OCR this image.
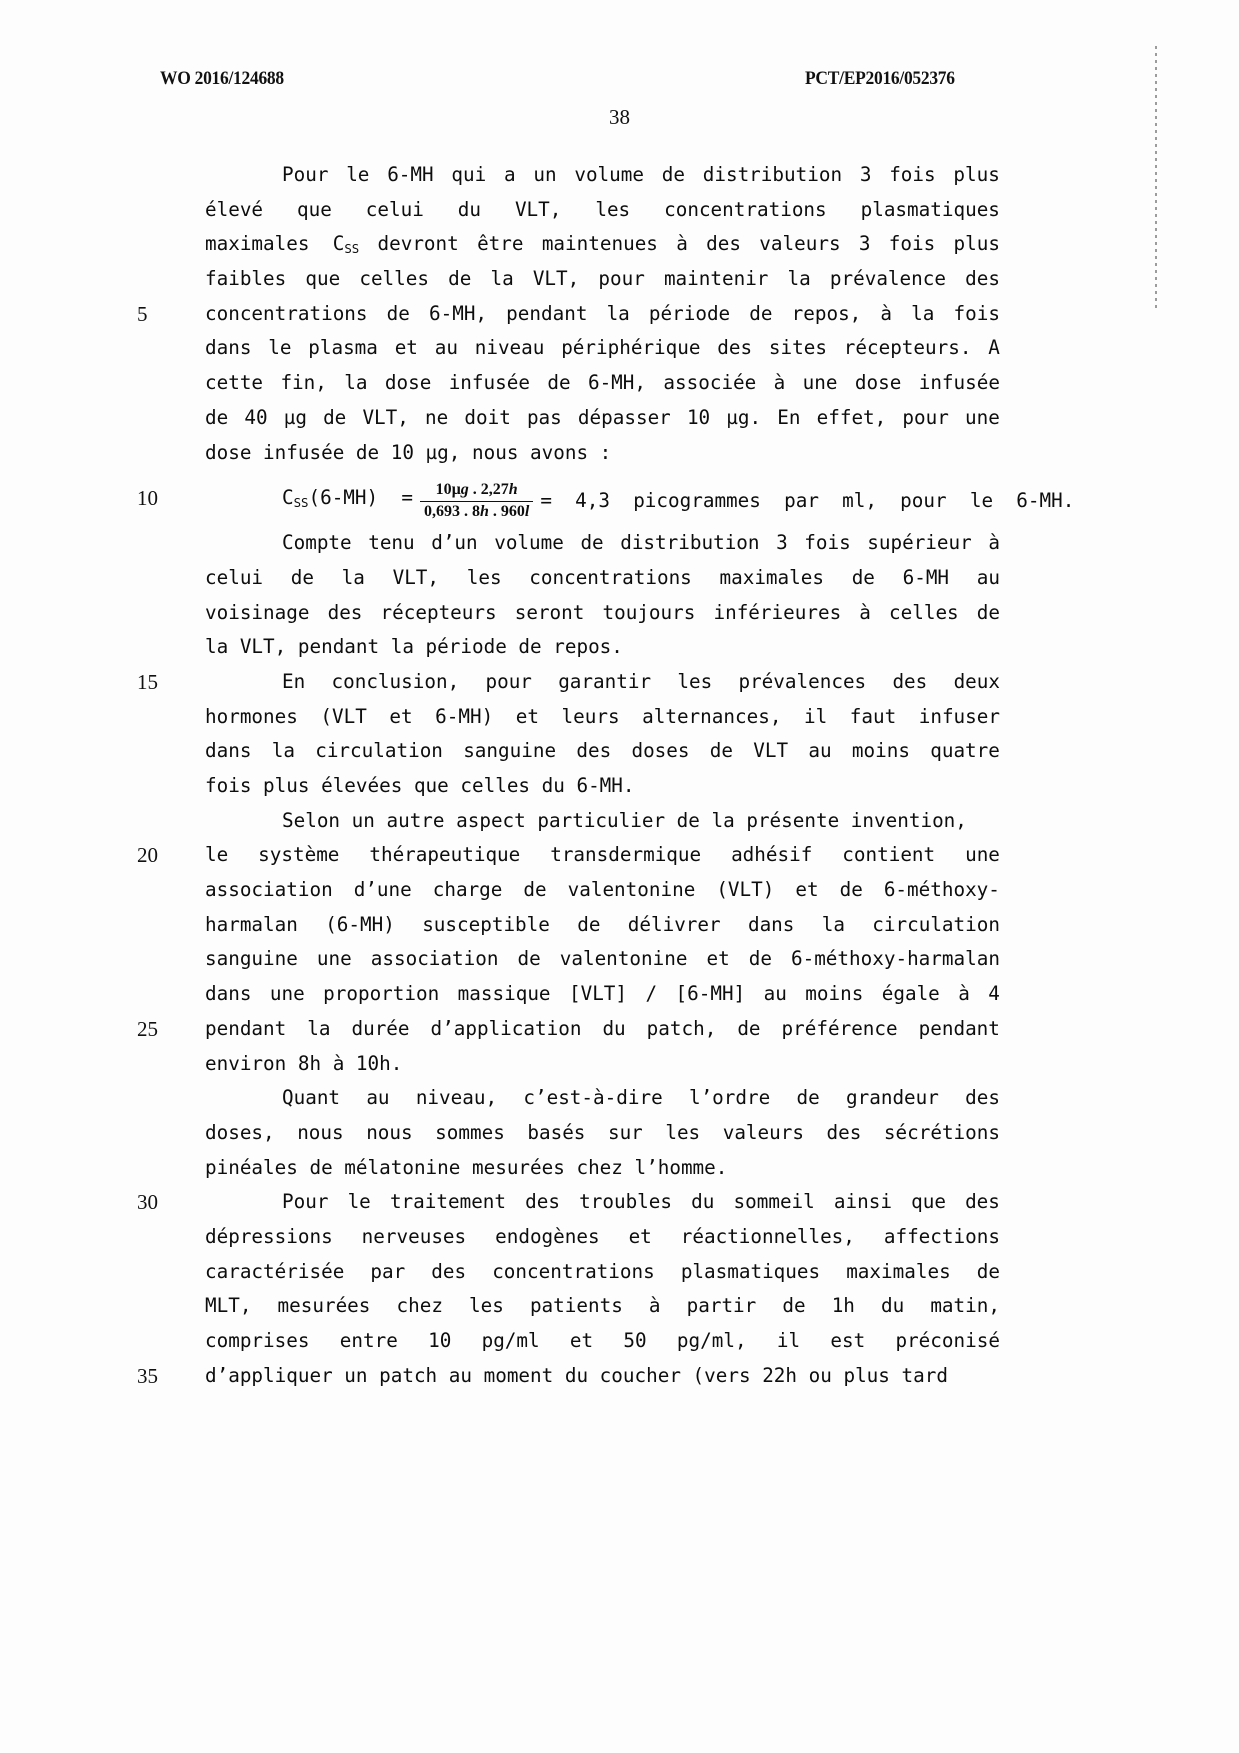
WO 2016/124688	PCT/EP2016/052376
38
Pour le 6-MH qui a un volume de distribution 3 fois plus
élevé que celui du VLT, les concentrations plasmatiques
maximales  $C_{SS}$ devront être maintenues à des valeurs 3 fois plus
faibles que celles de la VLT, pour maintenir la prévalence des
5	concentrations de 6-MH, pendant la période de repos, à la fois
dans le plasma et au niveau périphérique des sites récepteurs. A
cette fin, la dose infusée de 6-MH, associée à une dose infusée
de 40 µg de VLT, ne doit pas dépasser 10 µg. En effet, pour une
dose infusée de 10 µg, nous avons :
10	$C_{SS}(6-MH) = \frac{\text{10µg . 2,27h}}{0,693 . 8h . 960l} = 4,3$  picogrammes  par  ml,  pour  le  6-MH.
Compte tenu d’un volume de distribution 3 fois supérieur à
celui de la VLT, les concentrations maximales de 6-MH au
voisinage des récepteurs seront toujours inférieures à celles de
la VLT, pendant la période de repos.
15	En conclusion, pour garantir les prévalences des deux
hormones (VLT et 6-MH) et leurs alternances, il faut infuser
dans la circulation sanguine des doses de VLT au moins quatre
fois plus élevées que celles du 6-MH.
Selon un autre aspect particulier de la présente invention,
20	le système thérapeutique transdermique adhésif contient une
association d’une charge de valentonine (VLT) et de 6-méthoxy-
harmalan (6-MH) susceptible de délivrer dans la circulation
sanguine une association de valentonine et de 6-méthoxy-harmalan
dans une proportion massique [VLT] / [6-MH] au moins égale à 4
25	pendant la durée d’application du patch, de préférence pendant
environ 8h à 10h.
Quant au niveau, c’est-à-dire l’ordre de grandeur des
doses, nous nous sommes basés sur les valeurs des sécrétions
pinéales de mélatonine mesurées chez l’homme.
30	Pour le traitement des troubles du sommeil ainsi que des
dépressions nerveuses endogènes et réactionnelles, affections
caractérisée par des concentrations plasmatiques maximales de
MLT, mesurées chez les patients à partir de 1h du matin,
comprises entre 10 pg/ml et 50 pg/ml, il est préconisé
35	d’appliquer un patch au moment du coucher (vers 22h ou plus tard
